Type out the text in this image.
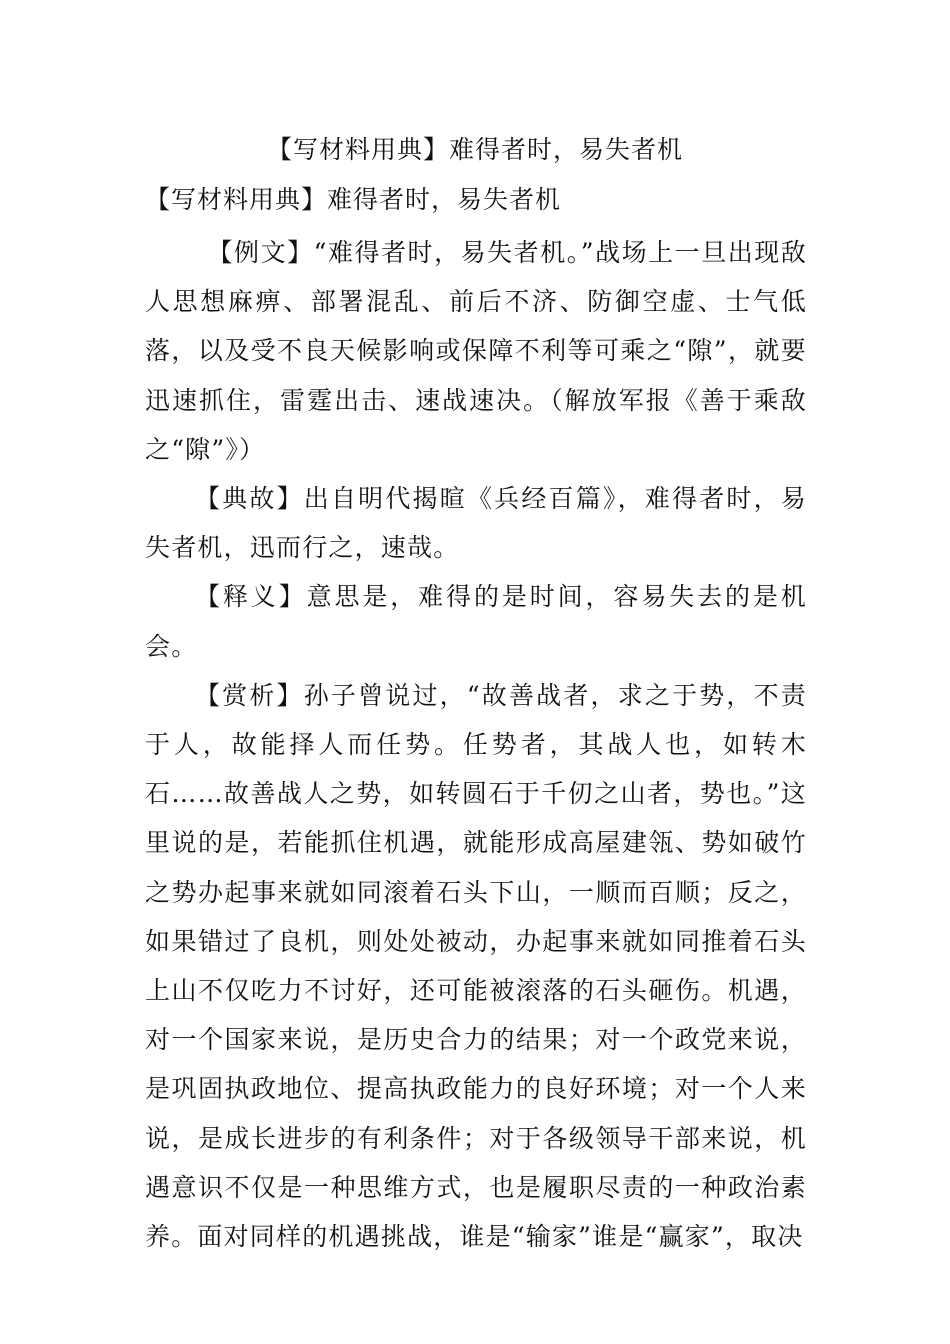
【写材料用典】难得者时，易失者机
【写材料用典】难得者时，易失者机

【例文】“难得者时，易失者机。”战场上一旦出现敌人思想麻痹、部署混乱、前后不济、防御空虚、士气低落，以及受不良天候影响或保障不利等可乘之“隙”，就要迅速抓住，雷霆出击、速战速决。（解放军报《善于乘敌之“隙”》）

【典故】出自明代揭暄《兵经百篇》，难得者时，易失者机，迅而行之，速哉。

【释义】意思是，难得的是时间，容易失去的是机会。

【赏析】孙子曾说过，“故善战者，求之于势，不责于人，故能择人而任势。任势者，其战人也，如转木石……故善战人之势，如转圆石于千仞之山者，势也。”这里说的是，若能抓住机遇，就能形成高屋建瓴、势如破竹之势办起事来就如同滚着石头下山，一顺而百顺；反之，如果错过了良机，则处处被动，办起事来就如同推着石头上山不仅吃力不讨好，还可能被滚落的石头砸伤。机遇，对一个国家来说，是历史合力的结果；对一个政党来说，是巩固执政地位、提高执政能力的良好环境；对一个人来说，是成长进步的有利条件；对于各级领导干部来说，机遇意识不仅是一种思维方式，也是履职尽责的一种政治素养。面对同样的机遇挑战，谁是“输家”谁是“赢家”，取决
